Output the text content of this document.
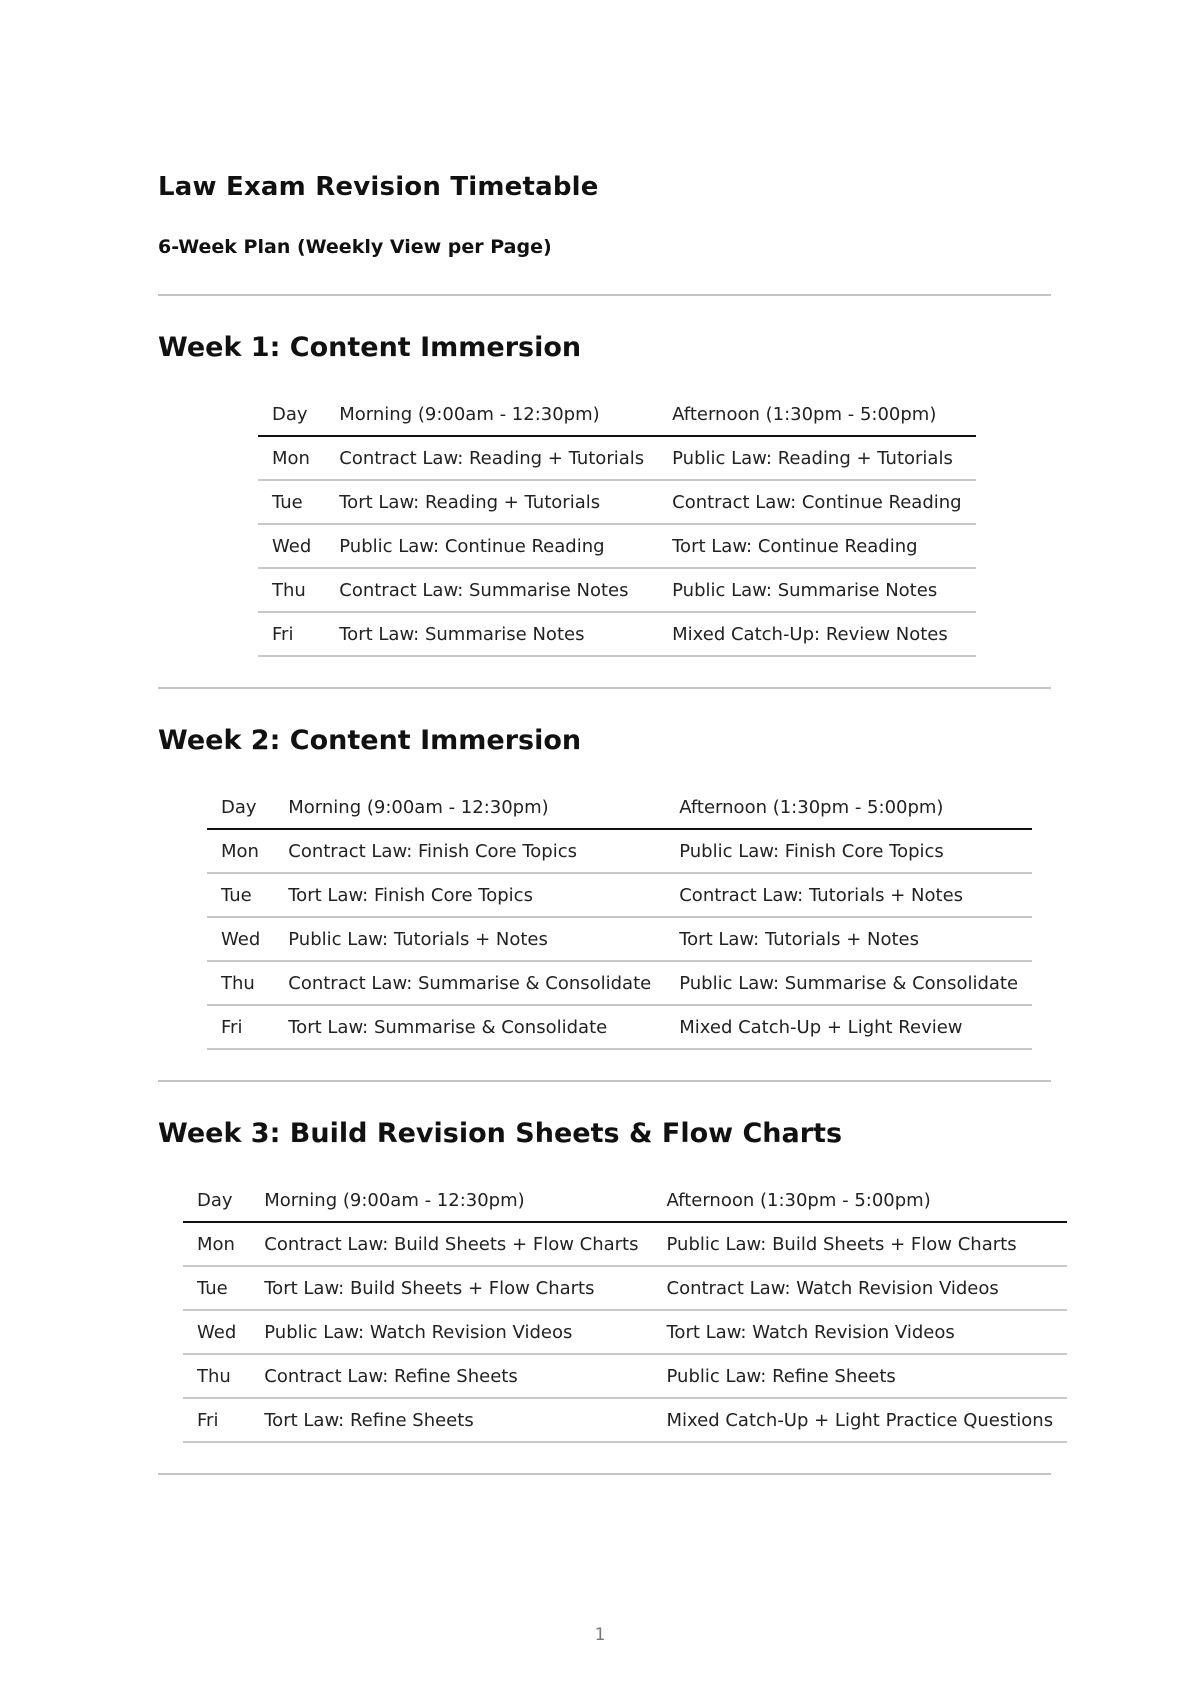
Law Exam Revision Timetable
6-Week Plan (Weekly View per Page)
Week 1: Content Immersion
Day	Morning (9:00am - 12:30pm)	Afternoon (1:30pm - 5:00pm)
Mon	Contract Law: Reading + Tutorials	Public Law: Reading + Tutorials
Tue	Tort Law: Reading + Tutorials	Contract Law: Continue Reading
Wed	Public Law: Continue Reading	Tort Law: Continue Reading
Thu	Contract Law: Summarise Notes	Public Law: Summarise Notes
Fri	Tort Law: Summarise Notes	Mixed Catch-Up: Review Notes
Week 2: Content Immersion
Day	Morning (9:00am - 12:30pm)	Afternoon (1:30pm - 5:00pm)
Mon	Contract Law: Finish Core Topics	Public Law: Finish Core Topics
Tue	Tort Law: Finish Core Topics	Contract Law: Tutorials + Notes
Wed	Public Law: Tutorials + Notes	Tort Law: Tutorials + Notes
Thu	Contract Law: Summarise & Consolidate	Public Law: Summarise & Consolidate
Fri	Tort Law: Summarise & Consolidate	Mixed Catch-Up + Light Review
Week 3: Build Revision Sheets & Flow Charts
Day	Morning (9:00am - 12:30pm)	Afternoon (1:30pm - 5:00pm)
Mon	Contract Law: Build Sheets + Flow Charts	Public Law: Build Sheets + Flow Charts
Tue	Tort Law: Build Sheets + Flow Charts	Contract Law: Watch Revision Videos
Wed	Public Law: Watch Revision Videos	Tort Law: Watch Revision Videos
Thu	Contract Law: Refine Sheets	Public Law: Refine Sheets
Fri	Tort Law: Refine Sheets	Mixed Catch-Up + Light Practice Questions
1
